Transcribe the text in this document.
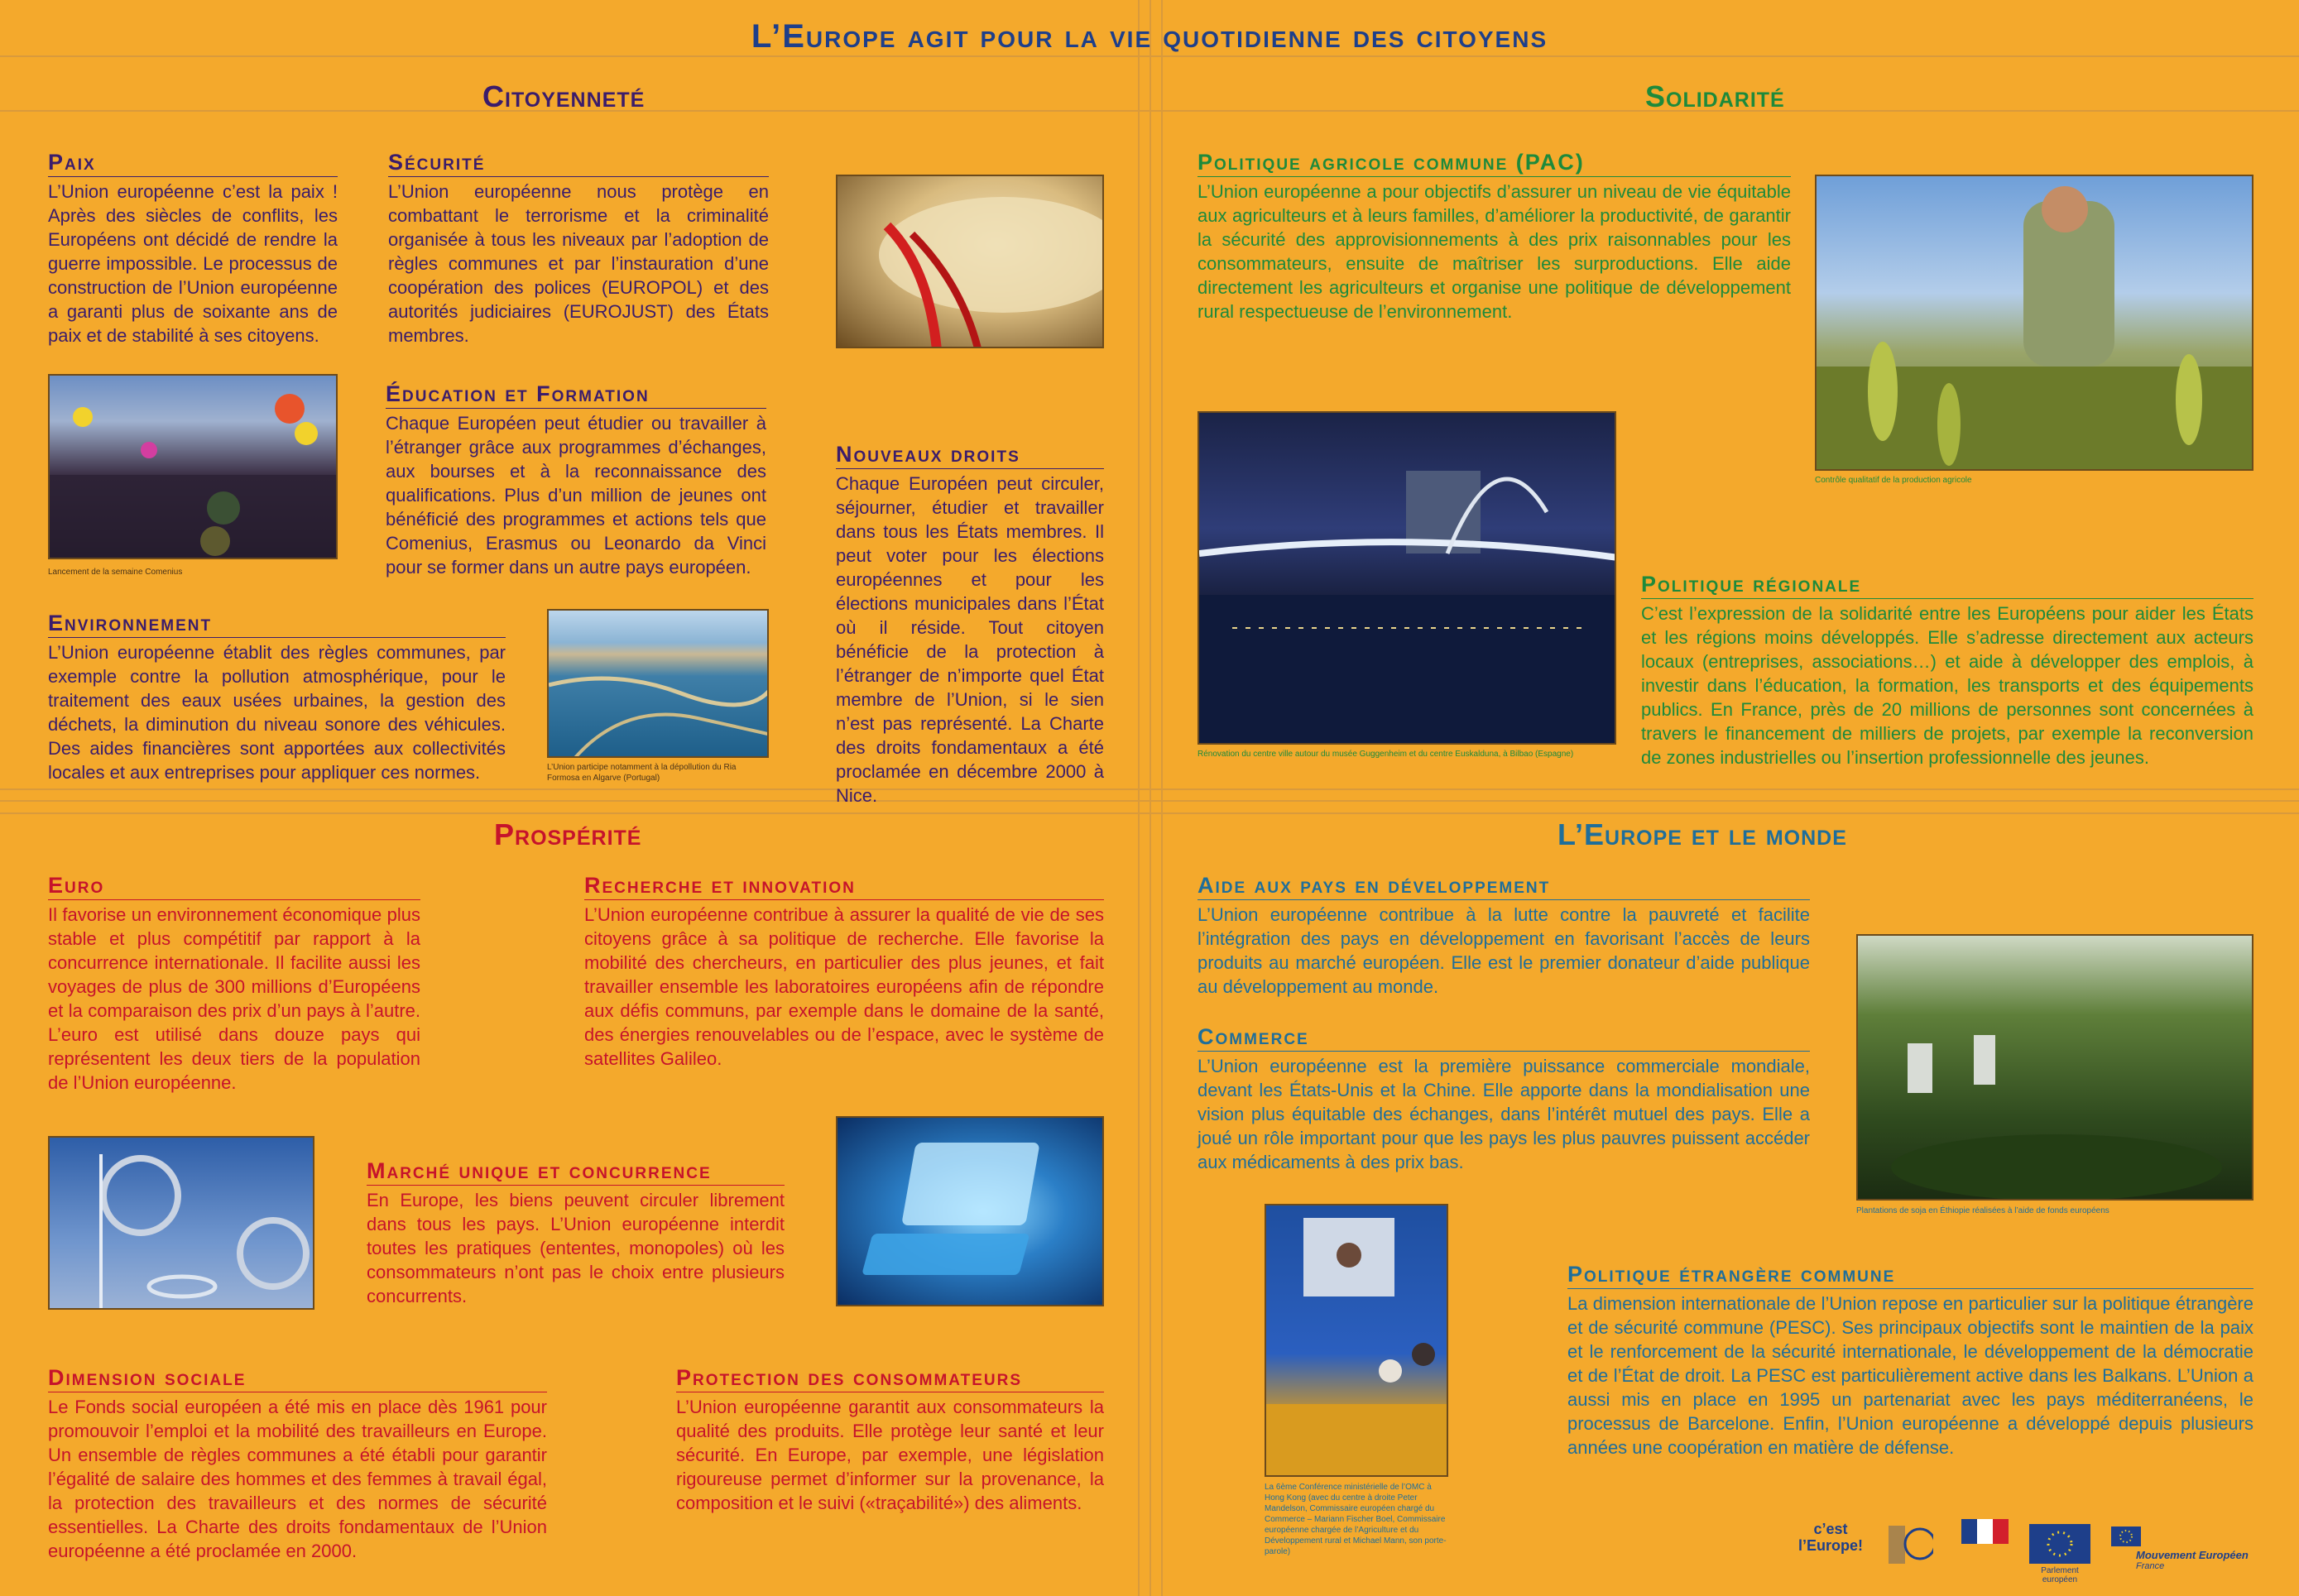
L’Europe agit pour la vie quotidienne des citoyens
Citoyenneté	Solidarité
Prospérité	L’Europe et le monde
Paix

L’Union européenne c’est la paix ! Après des siècles de conflits, les Européens ont décidé de rendre la guerre impossible. Le processus de construction de l’Union européenne a garanti plus de soixante ans de paix et de stabilité à ses citoyens.

Sécurité

L’Union européenne nous protège en combattant le terrorisme et la criminalité organisée à tous les niveaux par l’adoption de règles communes et par l’instauration d’une coopération des polices (EUROPOL) et des autorités judiciaires (EUROJUST) des États membres.

Lancement de la semaine Comenius
Éducation et Formation

Chaque Européen peut étudier ou travailler à l’étranger grâce aux programmes d’échanges, aux bourses et à la reconnaissance des qualifications. Plus d’un million de jeunes ont bénéficié des programmes et actions tels que Comenius, Erasmus ou Leonardo da Vinci pour se former dans un autre pays européen.

Nouveaux droits

Chaque Européen peut circuler, séjourner, étudier et travailler dans tous les États membres. Il peut voter pour les élections européennes et pour les élections municipales dans l’État où il réside. Tout citoyen bénéficie de la protection à l’étranger de n’importe quel État membre de l’Union, si le sien n’est pas représenté. La Charte des droits fondamentaux a été proclamée en décembre 2000 à Nice.

Environnement

L’Union européenne établit des règles communes, par exemple contre la pollution atmosphérique, pour le traitement des eaux usées urbaines, la gestion des déchets, la diminution du niveau sonore des véhicules. Des aides financières sont apportées aux collectivités locales et aux entreprises pour appliquer ces normes.	L’Union participe notamment à la dépollution du Ria Formosa en Algarve (Portugal)
Politique agricole commune (PAC)

L’Union européenne a pour objectifs d’assurer un niveau de vie équitable aux agriculteurs et à leurs familles, d’améliorer la productivité, de garantir la sécurité des approvisionnements à des prix raisonnables pour les consommateurs, ensuite de maîtriser les surproductions. Elle aide directement les agriculteurs et organise une politique de développement rural respectueuse de l’environnement.

Contrôle qualitatif de la production agricole
Rénovation du centre ville autour du musée Guggenheim et du centre Euskalduna, à Bilbao (Espagne)
Politique régionale

C’est l’expression de la solidarité entre les Européens pour aider les États et les régions moins développés. Elle s’adresse directement aux acteurs locaux (entreprises, associations…) et aide à développer des emplois, à investir dans l’éducation, la formation, les transports et des équipements publics. En France, près de 20 millions de personnes sont concernées à travers le financement de milliers de projets, par exemple la reconversion de zones industrielles ou l’insertion professionnelle des jeunes.

Euro

Il favorise un environnement économique plus stable et plus compétitif par rapport à la concurrence internationale. Il facilite aussi les voyages de plus de 300 millions d’Européens et la comparaison des prix d’un pays à l’autre. L’euro est utilisé dans douze pays qui représentent les deux tiers de la population de l’Union européenne.

Recherche et innovation

L’Union européenne contribue à assurer la qualité de vie de ses citoyens grâce à sa politique de recherche. Elle favorise la mobilité des chercheurs, en particulier des plus jeunes, et fait travailler ensemble les laboratoires européens afin de répondre aux défis communs, par exemple dans le domaine de la santé, des énergies renouvelables ou de l’espace, avec le système de satellites Galileo.

Marché unique et concurrence

En Europe, les biens peuvent circuler librement dans tous les pays. L’Union européenne interdit toutes les pratiques (ententes, monopoles) où les consommateurs n’ont pas le choix entre plusieurs concurrents.

Dimension sociale

Le Fonds social européen a été mis en place dès 1961 pour promouvoir l’emploi et la mobilité des travailleurs en Europe. Un ensemble de règles communes a été établi pour garantir l’égalité de salaire des hommes et des femmes à travail égal, la protection des travailleurs et des normes de sécurité essentielles. La Charte des droits fondamentaux de l’Union européenne a été proclamée en 2000.

Protection des consommateurs

L’Union européenne garantit aux consommateurs la qualité des produits. Elle protège leur santé et leur sécurité. En Europe, par exemple, une législation rigoureuse permet d’informer sur la provenance, la composition et le suivi («traçabilité») des aliments.

Aide aux pays en développement

L’Union européenne contribue à la lutte contre la pauvreté et facilite l’intégration des pays en développement en favorisant l’accès de leurs produits au marché européen. Elle est le premier donateur d’aide publique au développement au monde.

Commerce

L’Union européenne est la première puissance commerciale mondiale, devant les États-Unis et la Chine. Elle apporte dans la mondialisation une vision plus équitable des échanges, dans l’intérêt mutuel des pays. Elle a joué un rôle important pour que les pays les plus pauvres puissent accéder aux médicaments à des prix bas.

Plantations de soja en Éthiopie réalisées à l’aide de fonds européens
La 6ème Conférence ministérielle de l’OMC à Hong Kong (avec du centre à droite Peter Mandelson, Commissaire européen chargé du Commerce – Mariann Fischer Boel, Commissaire européenne chargée de l’Agriculture et du Développement rural et Michael Mann, son porte-parole)
Politique étrangère commune

La dimension internationale de l’Union repose en particulier sur la politique étrangère et de sécurité commune (PESC). Ses principaux objectifs sont le maintien de la paix et le renforcement de la sécurité internationale, le développement de la démocratie et de l’État de droit. La PESC est particulièrement active dans les Balkans. L’Union a aussi mis en place en 1995 un partenariat avec les pays méditerranéens, le processus de Barcelone. Enfin, l’Union européenne a développé depuis plusieurs années une coopération en matière de défense.

c’est l’Europe!
Parlement européen
Mouvement Européen
France
